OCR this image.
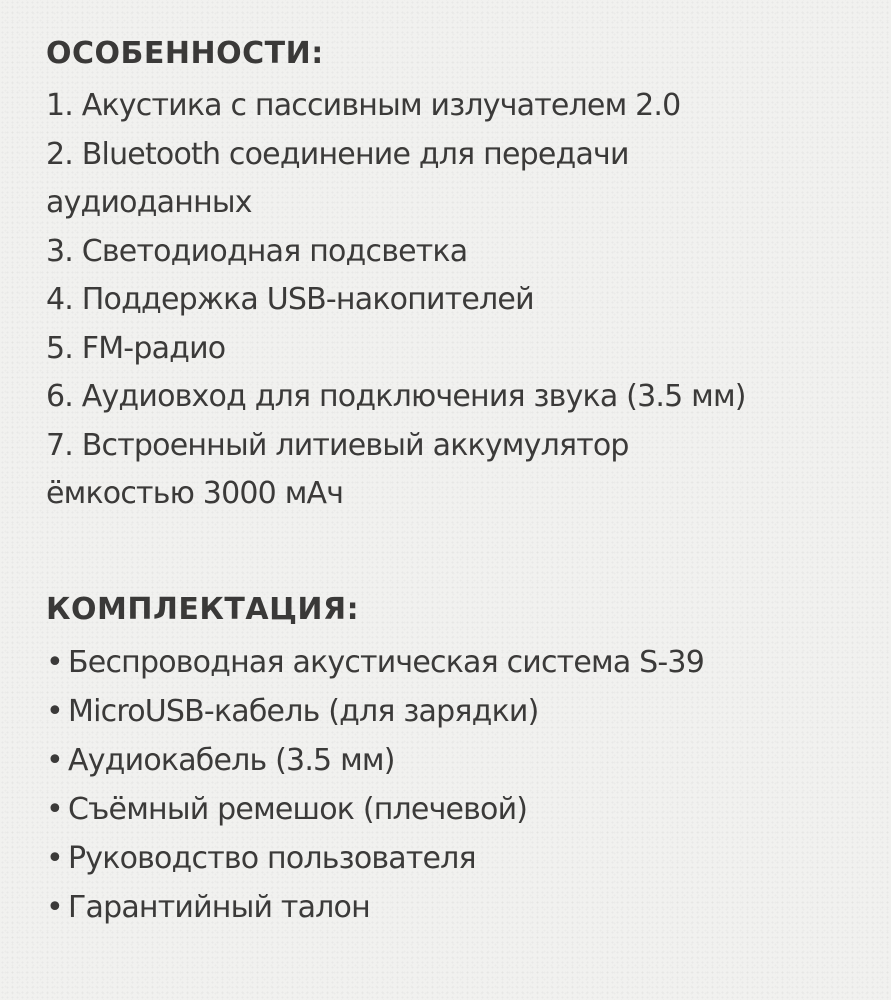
ОСОБЕННОСТИ:
1. Акустика с пассивным излучателем 2.0
2. Bluetooth соединение для передачи
аудиоданных
3. Светодиодная подсветка
4. Поддержка USB-накопителей
5. FM-радио
6. Аудиовход для подключения звука (3.5 мм)
7. Встроенный литиевый аккумулятор
ёмкостью 3000 мАч
КОМПЛЕКТАЦИЯ:
• Беспроводная акустическая система S-39
• MicroUSB-кабель (для зарядки)
• Аудиокабель (3.5 мм)
• Съёмный ремешок (плечевой)
• Руководство пользователя
• Гарантийный талон
